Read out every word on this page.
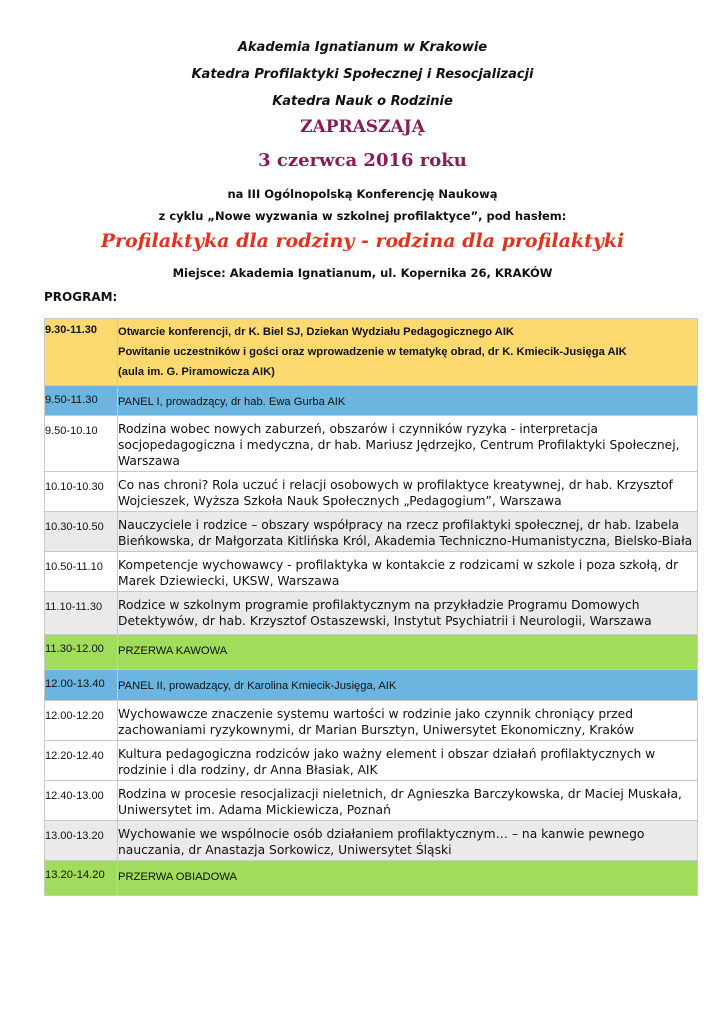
Akademia Ignatianum w Krakowie
Katedra Profilaktyki Społecznej i Resocjalizacji
Katedra Nauk o Rodzinie
ZAPRASZAJĄ
3 czerwca 2016 roku
na III Ogólnopolską Konferencję Naukową
z cyklu „Nowe wyzwania w szkolnej profilaktyce”, pod hasłem:
Profilaktyka dla rodziny - rodzina dla profilaktyki
Miejsce: Akademia Ignatianum, ul. Kopernika 26, KRAKÓW
PROGRAM:
9.30-11.30	Otwarcie konferencji, dr K. Biel SJ, Dziekan Wydziału Pedagogicznego AIK
Powitanie uczestników i gości oraz wprowadzenie w tematykę obrad, dr K. Kmiecik-Jusięga AIK
(aula im. G. Piramowicza AIK)

9.50-11.30	PANEL I, prowadzący, dr hab. Ewa Gurba AIK
9.50-10.10	Rodzina wobec nowych zaburzeń, obszarów i czynników ryzyka - interpretacja socjopedagogiczna i medyczna, dr hab. Mariusz Jędrzejko, Centrum Profilaktyki Społecznej, Warszawa
10.10-10.30	Co nas chroni? Rola uczuć i relacji osobowych w profilaktyce kreatywnej, dr hab. Krzysztof Wojcieszek, Wyższa Szkoła Nauk Społecznych „Pedagogium”, Warszawa
10.30-10.50	Nauczyciele i rodzice – obszary współpracy na rzecz profilaktyki społecznej, dr hab. Izabela Bieńkowska, dr Małgorzata Kitlińska Król, Akademia Techniczno-Humanistyczna, Bielsko-Biała
10.50-11.10	Kompetencje wychowawcy - profilaktyka w kontakcie z rodzicami w szkole i poza szkołą, dr Marek Dziewiecki, UKSW, Warszawa
11.10-11.30	Rodzice w szkolnym programie profilaktycznym na przykładzie Programu Domowych Detektywów, dr hab. Krzysztof Ostaszewski, Instytut Psychiatrii i Neurologii, Warszawa
11.30-12.00	PRZERWA KAWOWA
12.00-13.40	PANEL II, prowadzący, dr Karolina Kmiecik-Jusięga, AIK
12.00-12.20	Wychowawcze znaczenie systemu wartości w rodzinie jako czynnik chroniący przed zachowaniami ryzykownymi, dr Marian Bursztyn, Uniwersytet Ekonomiczny, Kraków
12.20-12.40	Kultura pedagogiczna rodziców jako ważny element i obszar działań profilaktycznych w rodzinie i dla rodziny, dr Anna Błasiak, AIK
12.40-13.00	Rodzina w procesie resocjalizacji nieletnich, dr Agnieszka Barczykowska, dr Maciej Muskała, Uniwersytet im. Adama Mickiewicza, Poznań
13.00-13.20	Wychowanie we wspólnocie osób działaniem profilaktycznym… – na kanwie pewnego nauczania, dr Anastazja Sorkowicz, Uniwersytet Śląski
13.20-14.20	PRZERWA OBIADOWA
